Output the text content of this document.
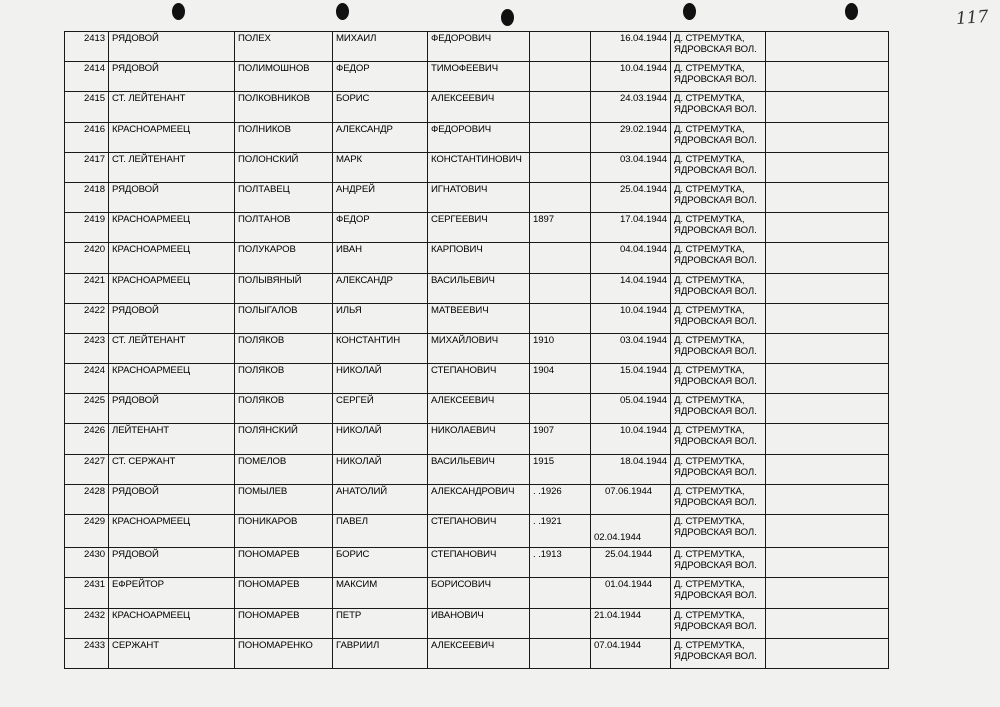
117
2413	РЯДОВОЙ	ПОЛЕХ	МИХАИЛ	ФЕДОРОВИЧ		16.04.1944	Д. СТРЕМУТКА,
ЯДРОВСКАЯ ВОЛ.	
2414	РЯДОВОЙ	ПОЛИМОШНОВ	ФЕДОР	ТИМОФЕЕВИЧ		10.04.1944	Д. СТРЕМУТКА,
ЯДРОВСКАЯ ВОЛ.	
2415	СТ. ЛЕЙТЕНАНТ	ПОЛКОВНИКОВ	БОРИС	АЛЕКСЕЕВИЧ		24.03.1944	Д. СТРЕМУТКА,
ЯДРОВСКАЯ ВОЛ.	
2416	КРАСНОАРМЕЕЦ	ПОЛНИКОВ	АЛЕКСАНДР	ФЕДОРОВИЧ		29.02.1944	Д. СТРЕМУТКА,
ЯДРОВСКАЯ ВОЛ.	
2417	СТ. ЛЕЙТЕНАНТ	ПОЛОНСКИЙ	МАРК	КОНСТАНТИНОВИЧ		03.04.1944	Д. СТРЕМУТКА,
ЯДРОВСКАЯ ВОЛ.	
2418	РЯДОВОЙ	ПОЛТАВЕЦ	АНДРЕЙ	ИГНАТОВИЧ		25.04.1944	Д. СТРЕМУТКА,
ЯДРОВСКАЯ ВОЛ.	
2419	КРАСНОАРМЕЕЦ	ПОЛТАНОВ	ФЕДОР	СЕРГЕЕВИЧ	1897	17.04.1944	Д. СТРЕМУТКА,
ЯДРОВСКАЯ ВОЛ.	
2420	КРАСНОАРМЕЕЦ	ПОЛУКАРОВ	ИВАН	КАРПОВИЧ		04.04.1944	Д. СТРЕМУТКА,
ЯДРОВСКАЯ ВОЛ.	
2421	КРАСНОАРМЕЕЦ	ПОЛЫВЯНЫЙ	АЛЕКСАНДР	ВАСИЛЬЕВИЧ		14.04.1944	Д. СТРЕМУТКА,
ЯДРОВСКАЯ ВОЛ.	
2422	РЯДОВОЙ	ПОЛЫГАЛОВ	ИЛЬЯ	МАТВЕЕВИЧ		10.04.1944	Д. СТРЕМУТКА,
ЯДРОВСКАЯ ВОЛ.	
2423	СТ. ЛЕЙТЕНАНТ	ПОЛЯКОВ	КОНСТАНТИН	МИХАЙЛОВИЧ	1910	03.04.1944	Д. СТРЕМУТКА,
ЯДРОВСКАЯ ВОЛ.	
2424	КРАСНОАРМЕЕЦ	ПОЛЯКОВ	НИКОЛАЙ	СТЕПАНОВИЧ	1904	15.04.1944	Д. СТРЕМУТКА,
ЯДРОВСКАЯ ВОЛ.	
2425	РЯДОВОЙ	ПОЛЯКОВ	СЕРГЕЙ	АЛЕКСЕЕВИЧ		05.04.1944	Д. СТРЕМУТКА,
ЯДРОВСКАЯ ВОЛ.	
2426	ЛЕЙТЕНАНТ	ПОЛЯНСКИЙ	НИКОЛАЙ	НИКОЛАЕВИЧ	1907	10.04.1944	Д. СТРЕМУТКА,
ЯДРОВСКАЯ ВОЛ.	
2427	СТ. СЕРЖАНТ	ПОМЕЛОВ	НИКОЛАЙ	ВАСИЛЬЕВИЧ	1915	18.04.1944	Д. СТРЕМУТКА,
ЯДРОВСКАЯ ВОЛ.	
2428	РЯДОВОЙ	ПОМЫЛЕВ	АНАТОЛИЙ	АЛЕКСАНДРОВИЧ	. .1926	07.06.1944	Д. СТРЕМУТКА,
ЯДРОВСКАЯ ВОЛ.	
2429	КРАСНОАРМЕЕЦ	ПОНИКАРОВ	ПАВЕЛ	СТЕПАНОВИЧ	. .1921	02.04.1944	Д. СТРЕМУТКА,
ЯДРОВСКАЯ ВОЛ.	
2430	РЯДОВОЙ	ПОНОМАРЕВ	БОРИС	СТЕПАНОВИЧ	. .1913	25.04.1944	Д. СТРЕМУТКА,
ЯДРОВСКАЯ ВОЛ.	
2431	ЕФРЕЙТОР	ПОНОМАРЕВ	МАКСИМ	БОРИСОВИЧ		01.04.1944	Д. СТРЕМУТКА,
ЯДРОВСКАЯ ВОЛ.	
2432	КРАСНОАРМЕЕЦ	ПОНОМАРЕВ	ПЕТР	ИВАНОВИЧ		21.04.1944	Д. СТРЕМУТКА,
ЯДРОВСКАЯ ВОЛ.	
2433	СЕРЖАНТ	ПОНОМАРЕНКО	ГАВРИИЛ	АЛЕКСЕЕВИЧ		07.04.1944	Д. СТРЕМУТКА,
ЯДРОВСКАЯ ВОЛ.	
